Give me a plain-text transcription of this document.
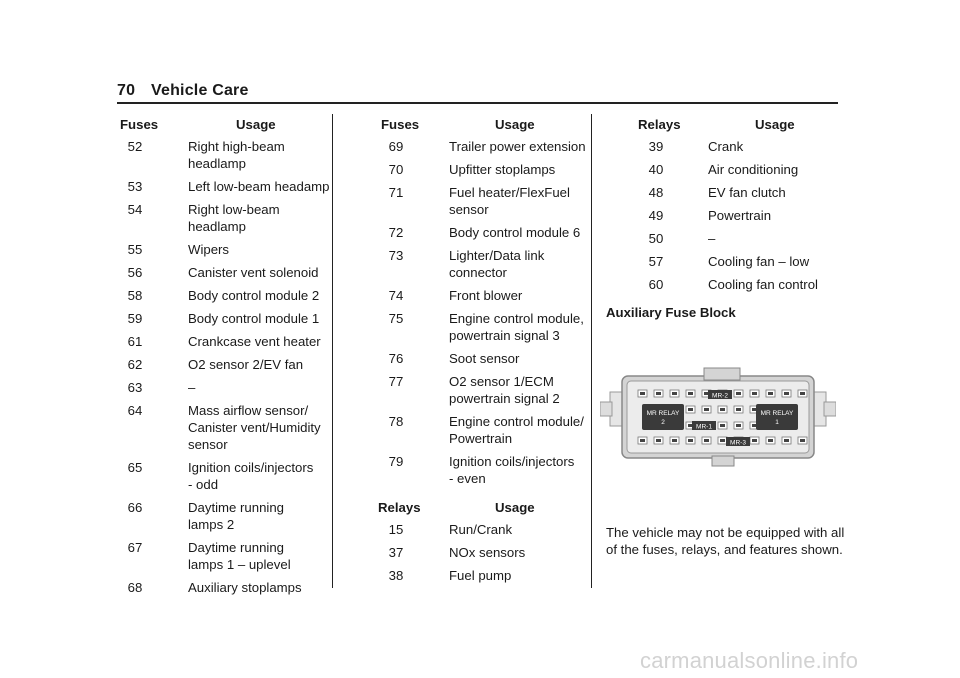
70 Vehicle Care
Fuses	Usage
52	Right high-beam
headlamp
53	Left low-beam headamp
54	Right low-beam
headlamp
55	Wipers
56	Canister vent solenoid
58	Body control module 2
59	Body control module 1
61	Crankcase vent heater
62	O2 sensor 2/EV fan
63	–
64	Mass airflow sensor/
Canister vent/Humidity
sensor
65	Ignition coils/injectors
- odd
66	Daytime running
lamps 2
67	Daytime running
lamps 1 – uplevel
68	Auxiliary stoplamps
Fuses	Usage
69	Trailer power extension
70	Upfitter stoplamps
71	Fuel heater/FlexFuel
sensor
72	Body control module 6
73	Lighter/Data link
connector
74	Front blower
75	Engine control module,
powertrain signal 3
76	Soot sensor
77	O2 sensor 1/ECM
powertrain signal 2
78	Engine control module/
Powertrain
79	Ignition coils/injectors
- even
Relays	Usage
15	Run/Crank
37	NOx sensors
38	Fuel pump
Relays	Usage
39	Crank
40	Air conditioning
48	EV fan clutch
49	Powertrain
50	–
57	Cooling fan – low
60	Cooling fan control
Auxiliary Fuse Block
MR RELAY
2
MR RELAY
1
MR-2
MR-1
MR-3
The vehicle may not be equipped with all of the fuses, relays, and features shown.
carmanualsonline.info
